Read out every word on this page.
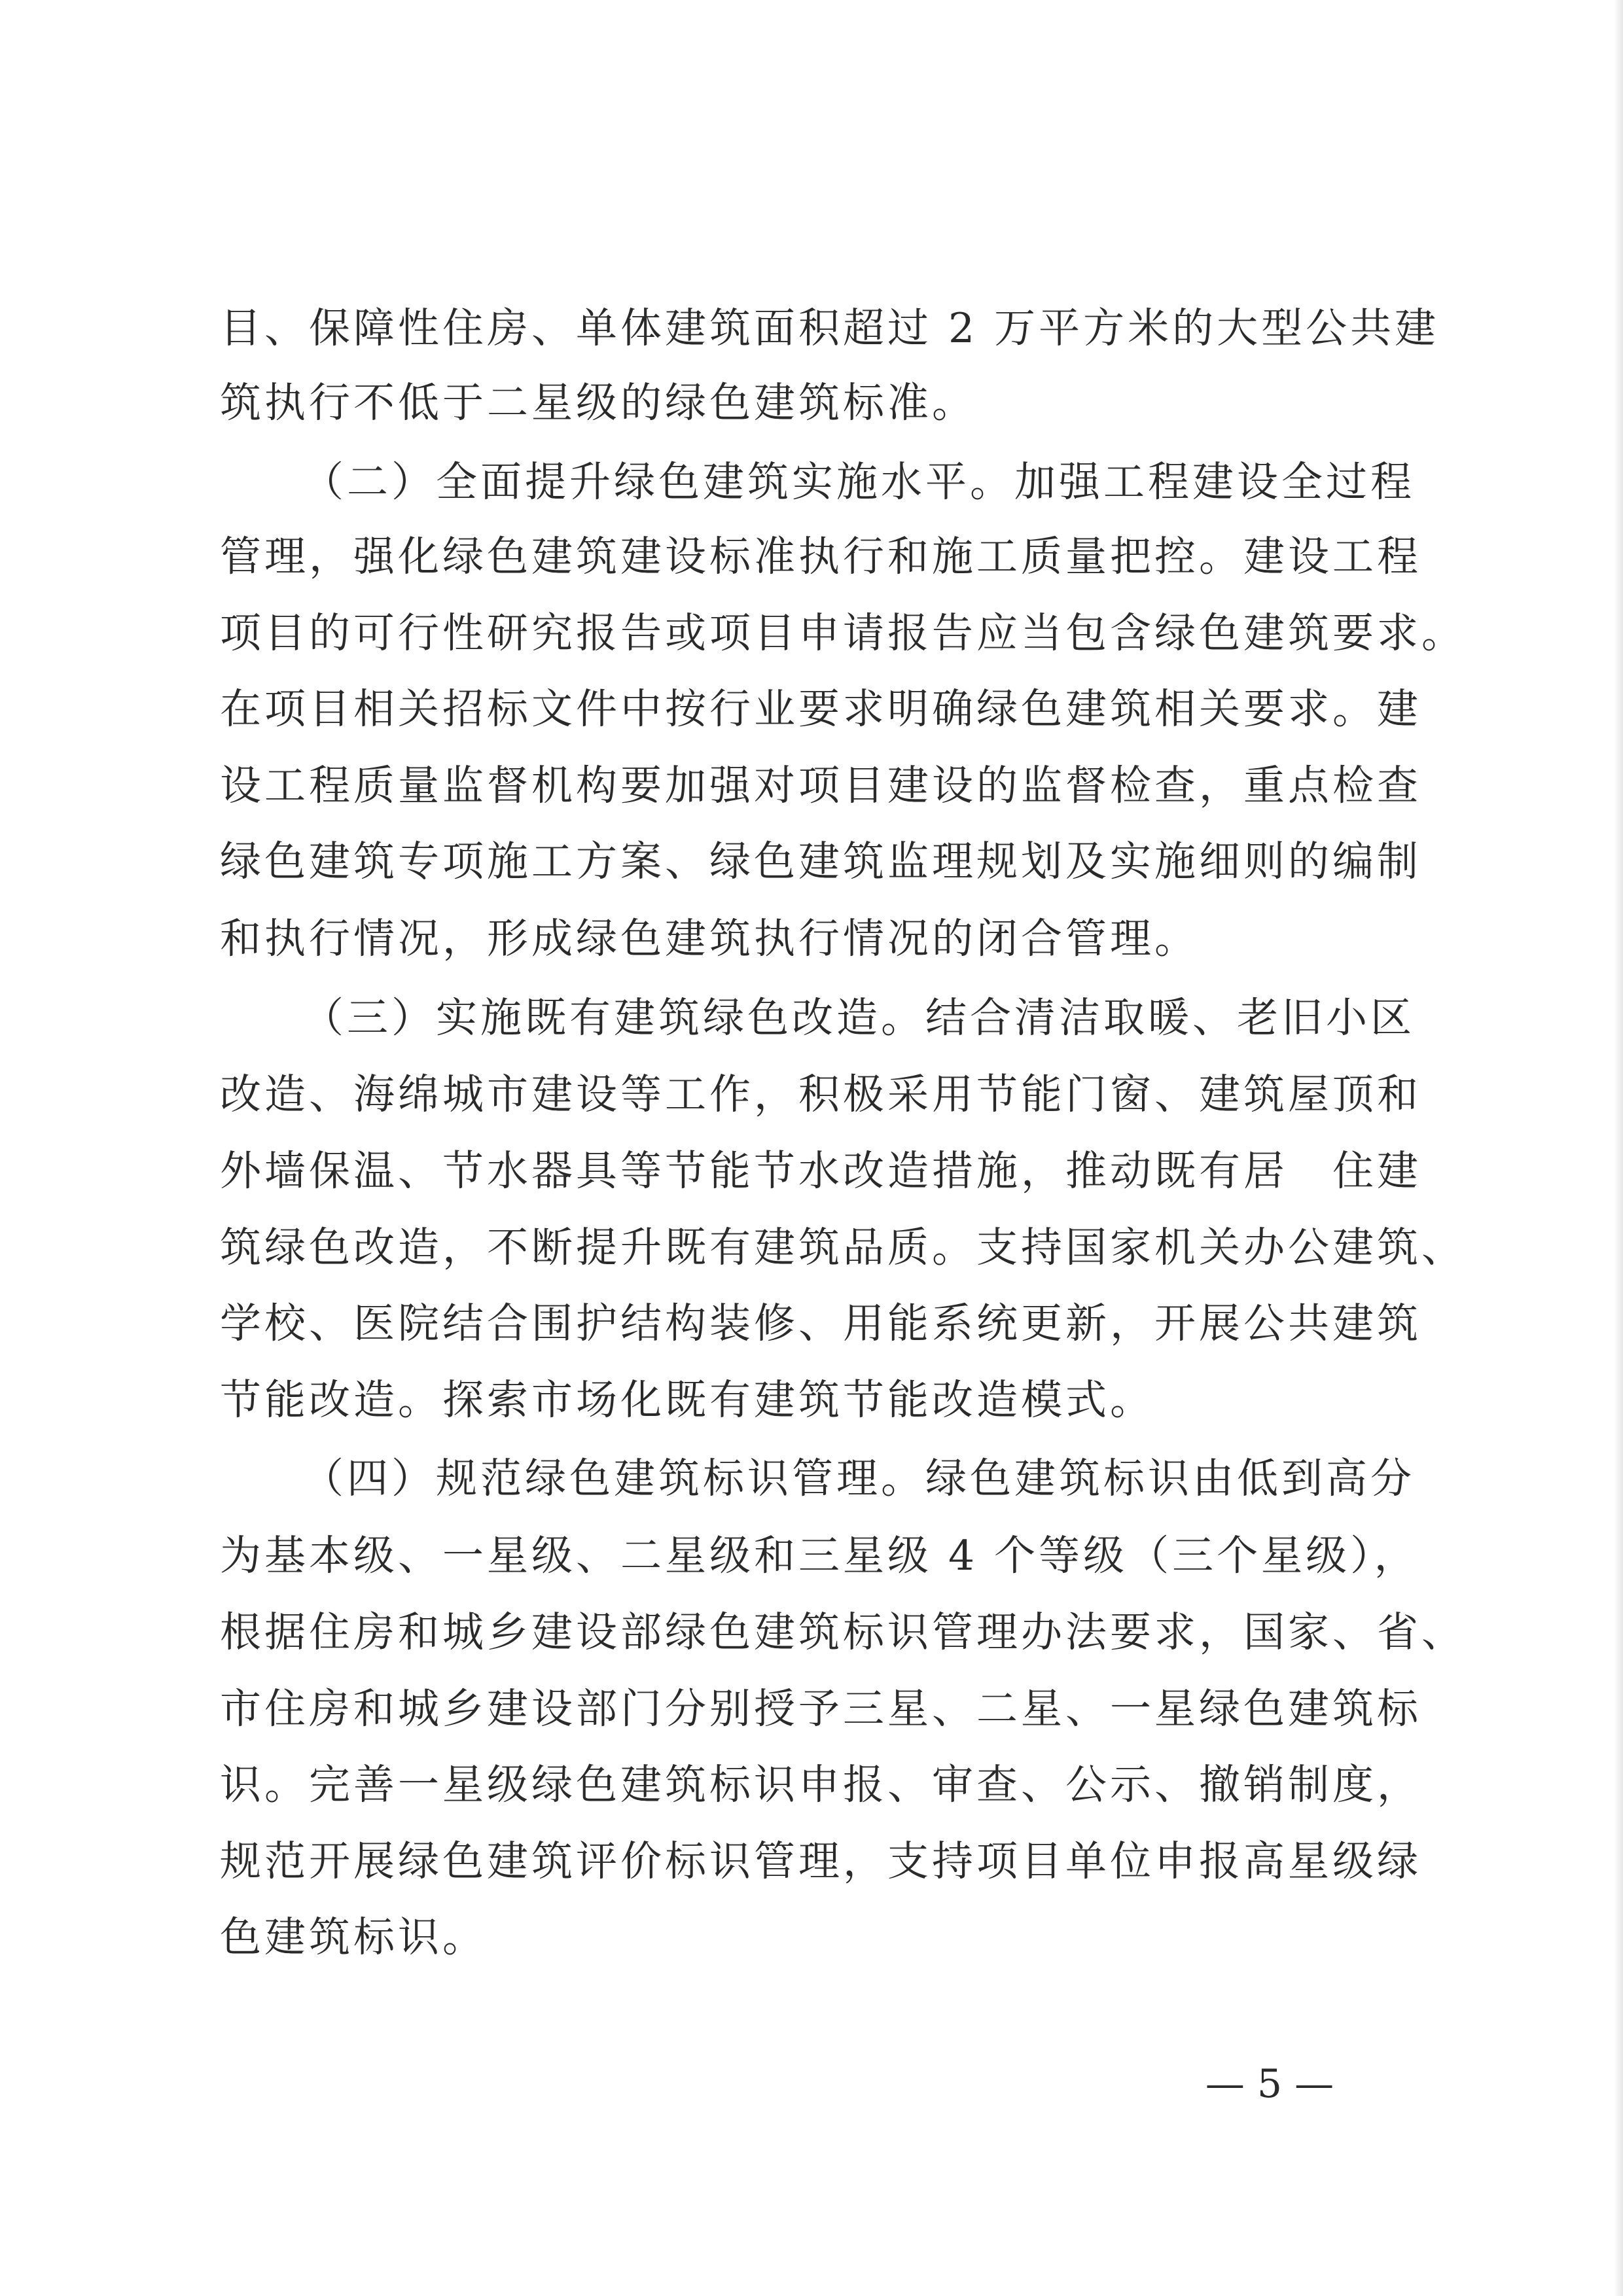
目、保障性住房、单体建筑面积超过 2 万平方米的大型公共建
筑执行不低于二星级的绿色建筑标准。
（二）全面提升绿色建筑实施水平。加强工程建设全过程
管理，强化绿色建筑建设标准执行和施工质量把控。建设工程
项目的可行性研究报告或项目申请报告应当包含绿色建筑要求。
在项目相关招标文件中按行业要求明确绿色建筑相关要求。建
设工程质量监督机构要加强对项目建设的监督检查，重点检查
绿色建筑专项施工方案、绿色建筑监理规划及实施细则的编制
和执行情况，形成绿色建筑执行情况的闭合管理。
（三）实施既有建筑绿色改造。结合清洁取暖、老旧小区
改造、海绵城市建设等工作，积极采用节能门窗、建筑屋顶和
外墙保温、节水器具等节能节水改造措施，推动既有居　住建
筑绿色改造，不断提升既有建筑品质。支持国家机关办公建筑、
学校、医院结合围护结构装修、用能系统更新，开展公共建筑
节能改造。探索市场化既有建筑节能改造模式。
（四）规范绿色建筑标识管理。绿色建筑标识由低到高分
为基本级、一星级、二星级和三星级 4 个等级（三个星级），
根据住房和城乡建设部绿色建筑标识管理办法要求，国家、省、
市住房和城乡建设部门分别授予三星、二星、一星绿色建筑标
识。完善一星级绿色建筑标识申报、审查、公示、撤销制度，
规范开展绿色建筑评价标识管理，支持项目单位申报高星级绿
色建筑标识。
— 5 —
